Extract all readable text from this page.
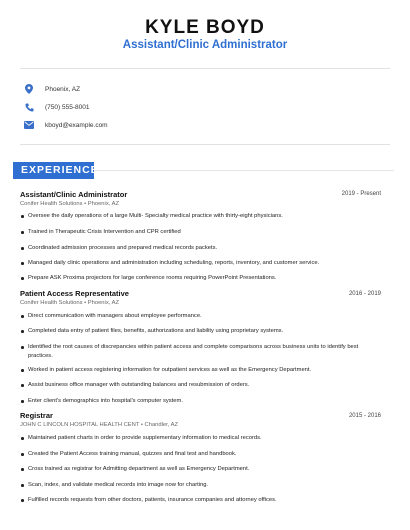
KYLE BOYD
Assistant/Clinic Administrator
Phoenix, AZ
(750) 555-8001
kboyd@example.com
EXPERIENCE
Assistant/Clinic Administrator	2019 - Present
Conifer Health Solutions • Phoenix, AZ
Oversee the daily operations of a large Multi- Specialty medical practice with thirty-eight physicians.
Trained in Therapeutic Crisis Intervention and CPR certified
Coordinated admission processes and prepared medical records packets.
Managed daily clinic operations and administration including scheduling, reports, inventory, and customer service.
Prepare ASK Proxima projectors for large conference rooms requiring PowerPoint Presentations.
Patient Access Representative	2016 - 2019
Conifer Health Solutions • Phoenix, AZ
Direct communication with managers about employee performance.
Completed data entry of patient files, benefits, authorizations and liability using proprietary systems.
Identified the root causes of discrepancies within patient access and complete comparisons across business units to identify best practices.
Worked in patient access registering information for outpatient services as well as the Emergency Department.
Assist business office manager with outstanding balances and resubmission of orders.
Enter client's demographics into hospital's computer system.
Registrar	2015 - 2016
JOHN C LINCOLN HOSPITAL HEALTH CENT • Chandler, AZ
Maintained patient charts in order to provide supplementary information to medical records.
Created the Patient Access training manual, quizzes and final test and handbook.
Cross trained as registrar for Admitting department as well as Emergency Department.
Scan, index, and validate medical records into image now for charting.
Fulfilled records requests from other doctors, patients, insurance companies and attorney offices.
